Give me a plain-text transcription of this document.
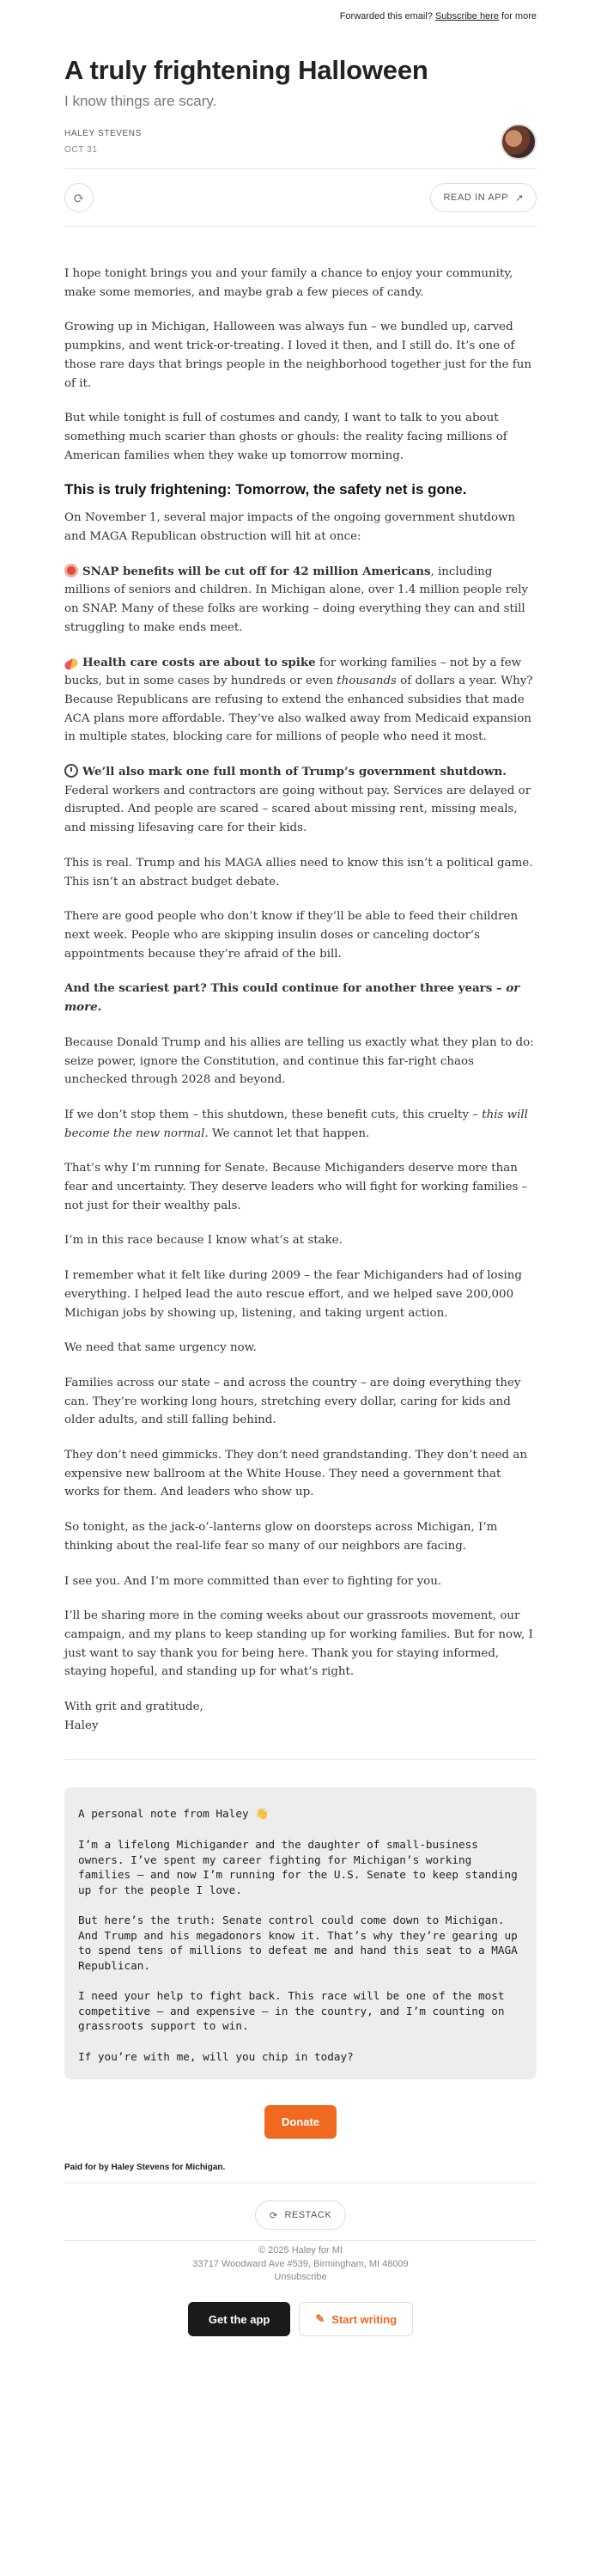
Forwarded this email? Subscribe here for more
A truly frightening Halloween
I know things are scary.
HALEY STEVENS
OCT 31
⟳	READ IN APP ↗

I hope tonight brings you and your family a chance to enjoy your community, make some memories, and maybe grab a few pieces of candy.

Growing up in Michigan, Halloween was always fun – we bundled up, carved pumpkins, and went trick-or-treating. I loved it then, and I still do. It’s one of those rare days that brings people in the neighborhood together just for the fun of it.

But while tonight is full of costumes and candy, I want to talk to you about something much scarier than ghosts or ghouls: the reality facing millions of American families when they wake up tomorrow morning.

This is truly frightening: Tomorrow, the safety net is gone.

On November 1, several major impacts of the ongoing government shutdown and MAGA Republican obstruction will hit at once:

SNAP benefits will be cut off for 42 million Americans, including millions of seniors and children. In Michigan alone, over 1.4 million people rely on SNAP. Many of these folks are working – doing everything they can and still struggling to make ends meet.

Health care costs are about to spike for working families – not by a few bucks, but in some cases by hundreds or even thousands of dollars a year. Why? Because Republicans are refusing to extend the enhanced subsidies that made ACA plans more affordable. They’ve also walked away from Medicaid expansion in multiple states, blocking care for millions of people who need it most.

We’ll also mark one full month of Trump’s government shutdown. Federal workers and contractors are going without pay. Services are delayed or disrupted. And people are scared – scared about missing rent, missing meals, and missing lifesaving care for their kids.

This is real. Trump and his MAGA allies need to know this isn’t a political game. This isn’t an abstract budget debate.

There are good people who don’t know if they’ll be able to feed their children next week. People who are skipping insulin doses or canceling doctor’s appointments because they’re afraid of the bill.

And the scariest part? This could continue for another three years – or more.

Because Donald Trump and his allies are telling us exactly what they plan to do: seize power, ignore the Constitution, and continue this far-right chaos unchecked through 2028 and beyond.

If we don’t stop them – this shutdown, these benefit cuts, this cruelty – this will become the new normal. We cannot let that happen.

That’s why I’m running for Senate. Because Michiganders deserve more than fear and uncertainty. They deserve leaders who will fight for working families – not just for their wealthy pals.

I’m in this race because I know what’s at stake.

I remember what it felt like during 2009 – the fear Michiganders had of losing everything. I helped lead the auto rescue effort, and we helped save 200,000 Michigan jobs by showing up, listening, and taking urgent action.

We need that same urgency now.

Families across our state – and across the country – are doing everything they can. They’re working long hours, stretching every dollar, caring for kids and older adults, and still falling behind.

They don’t need gimmicks. They don’t need grandstanding. They don’t need an expensive new ballroom at the White House. They need a government that works for them. And leaders who show up.

So tonight, as the jack-o’-lanterns glow on doorsteps across Michigan, I’m thinking about the real-life fear so many of our neighbors are facing.

I see you. And I’m more committed than ever to fighting for you.

I’ll be sharing more in the coming weeks about our grassroots movement, our campaign, and my plans to keep standing up for working families. But for now, I just want to say thank you for being here. Thank you for staying informed, staying hopeful, and standing up for what’s right.

With grit and gratitude,

Haley

A personal note from Haley 👋

I’m a lifelong Michigander and the daughter of small-business owners. I’ve spent my career fighting for Michigan’s working families – and now I’m running for the U.S. Senate to keep standing up for the people I love.

But here’s the truth: Senate control could come down to Michigan. And Trump and his megadonors know it. That’s why they’re gearing up to spend tens of millions to defeat me and hand this seat to a MAGA Republican.

I need your help to fight back. This race will be one of the most competitive – and expensive – in the country, and I’m counting on grassroots support to win.

If you’re with me, will you chip in today?

Donate
Paid for by Haley Stevens for Michigan.
⟳ RESTACK
© 2025 Haley for MI
33717 Woodward Ave #539, Birmingham, MI 48009
Unsubscribe
Get the app	✎ Start writing
